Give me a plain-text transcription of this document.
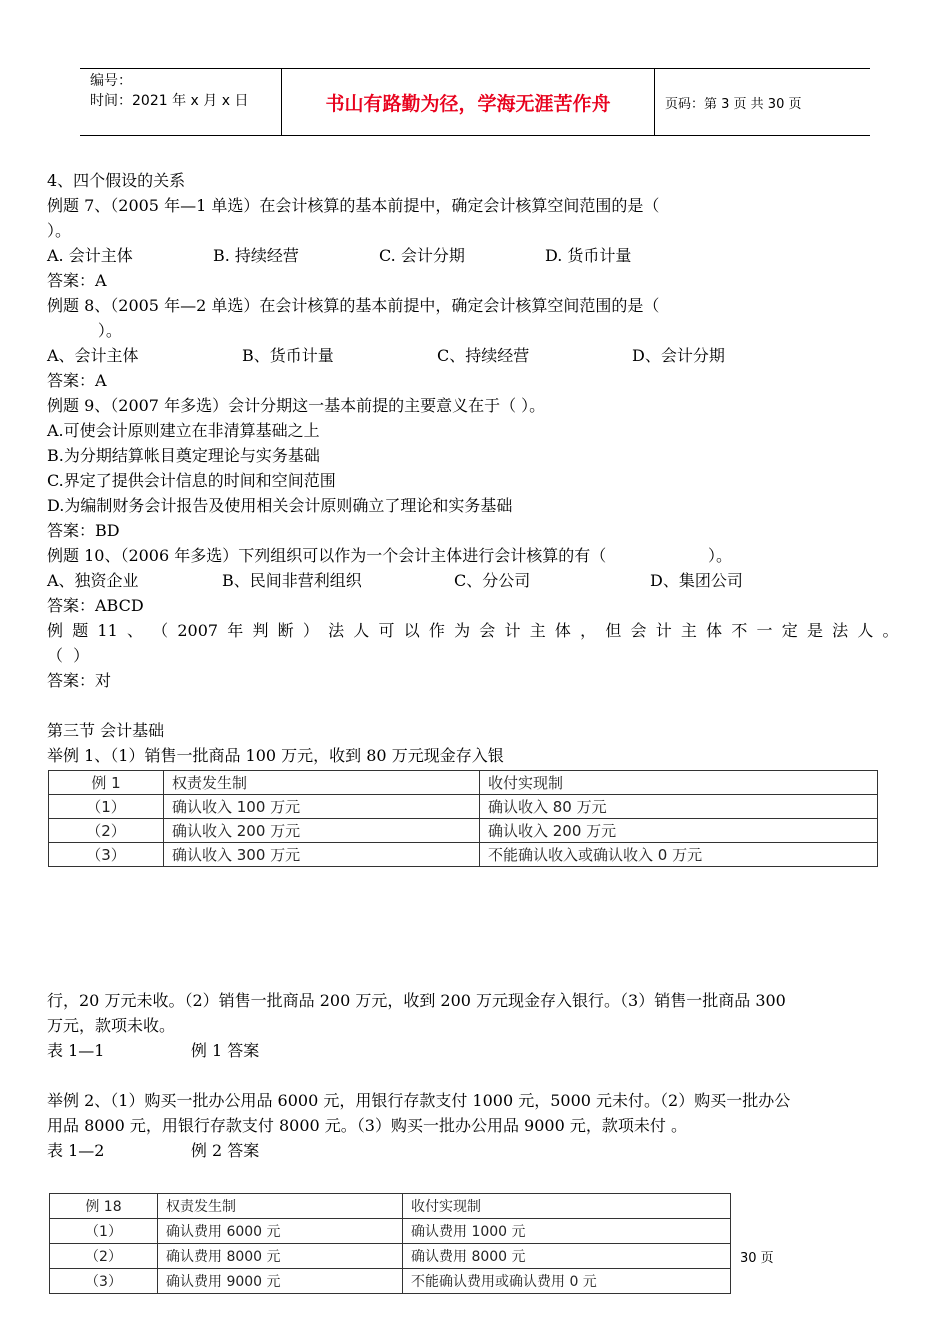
编号：
时间：2021 年 x 月 x 日	书山有路勤为径，学海无涯苦作舟	页码：第 3 页 共 30 页
4、四个假设的关系
例题 7、（2005 年—1 单选）在会计核算的基本前提中，确定会计核算空间范围的是（
）。
A. 会计主体	B. 持续经营	C. 会计分期	D. 货币计量
答案：A
例题 8、（2005 年—2 单选）在会计核算的基本前提中，确定会计核算空间范围的是（
）。
A、会计主体	B、货币计量	C、持续经营	D、会计分期
答案：A
例题 9、（2007 年多选）会计分期这一基本前提的主要意义在于（ ）。
A.可使会计原则建立在非清算基础之上
B.为分期结算帐目奠定理论与实务基础
C.界定了提供会计信息的时间和空间范围
D.为编制财务会计报告及使用相关会计原则确立了理论和实务基础
答案：BD
例题 10、（2006 年多选）下列组织可以作为一个会计主体进行会计核算的有（                    ）。
A、独资企业	B、民间非营利组织	C、分公司	D、集团公司
答案：ABCD
例 题 11 、 （ 2007 年 判 断 ） 法 人 可 以 作 为 会 计 主 体 ， 但 会 计 主 体 不 一 定 是 法 人 。
（  ）
答案：对
第三节 会计基础
举例 1、（1）销售一批商品 100 万元，收到 80 万元现金存入银
例 1	权责发生制	收付实现制
（1）	确认收入 100 万元	确认收入 80 万元
（2）	确认收入 200 万元	确认收入 200 万元
（3）	确认收入 300 万元	不能确认收入或确认收入 0 万元
行，20 万元未收。（2）销售一批商品 200 万元，收到 200 万元现金存入银行。（3）销售一批商品 300
万元，款项未收。
表 1—1                 例 1 答案
举例 2、（1）购买一批办公用品 6000 元，用银行存款支付 1000 元，5000 元未付。（2）购买一批办公
用品 8000 元，用银行存款支付 8000 元。（3）购买一批办公用品 9000 元，款项未付 。
表 1—2                 例 2 答案
例 18	权责发生制	收付实现制
（1）	确认费用 6000 元	确认费用 1000 元
（2）	确认费用 8000 元	确认费用 8000 元
（3）	确认费用 9000 元	不能确认费用或确认费用 0 元
30 页
